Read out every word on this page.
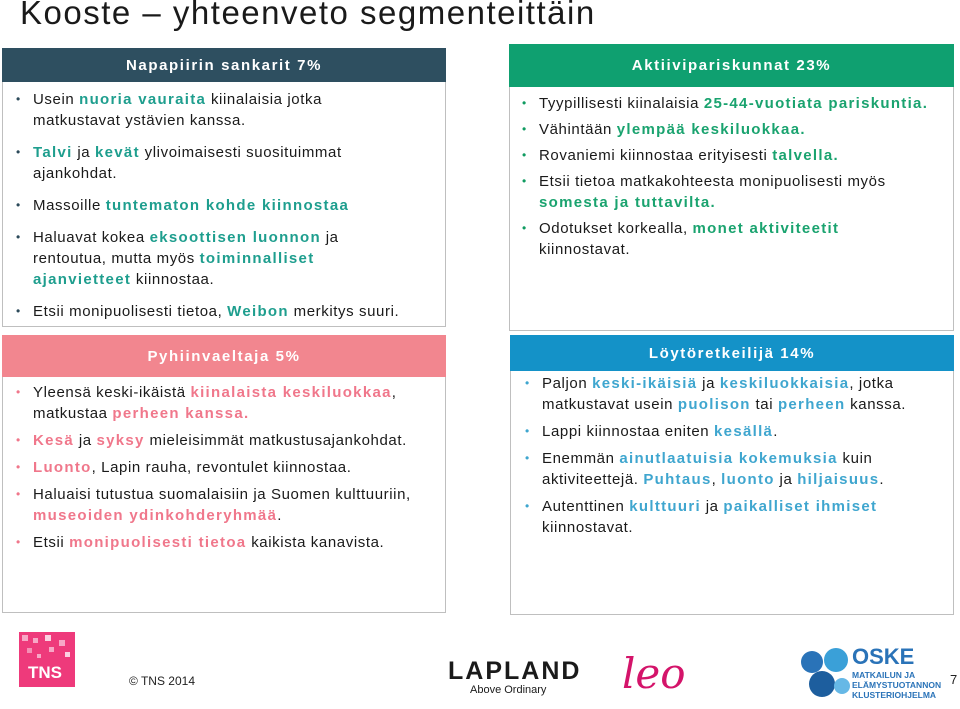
Kooste – yhteenveto segmenteittäin
Napapiirin sankarit 7%
• Usein nuoria vauraita kiinalaisia jotka matkustavat ystävien kanssa.
• Talvi ja kevät ylivoimaisesti suosituimmat ajankohdat.
• Massoille tuntematon kohde kiinnostaa
• Haluavat kokea eksoottisen luonnon ja rentoutua, mutta myös toiminnalliset ajanvietteet kiinnostaa.
• Etsii monipuolisesti tietoa, Weibon merkitys suuri.
Aktiivipariskunnat 23%
• Tyypillisesti kiinalaisia 25-44-vuotiata pariskuntia.
• Vähintään ylempää keskiluokkaa.
• Rovaniemi kiinnostaa erityisesti talvella.
• Etsii tietoa matkakohteesta monipuolisesti myös somesta ja tuttavilta.
• Odotukset korkealla, monet aktiviteetit kiinnostavat.
Pyhiinvaeltaja 5%
• Yleensä keski-ikäistä kiinalaista keskiluokkaa, matkustaa perheen kanssa.
• Kesä ja syksy mieleisimmät matkustusajankohdat.
• Luonto, Lapin rauha, revontulet kiinnostaa.
• Haluaisi tutustua suomalaisiin ja Suomen kulttuuriin, museoiden ydinkohderyhmää.
• Etsii monipuolisesti tietoa kaikista kanavista.
Löytöretkeilijä 14%
• Paljon keski-ikäisiä ja keskiluokkaisia, jotka matkustavat usein puolison tai perheen kanssa.
• Lappi kiinnostaa eniten kesällä.
• Enemmän ainutlaatuisia kokemuksia kuin aktiviteettejä. Puhtaus, luonto ja hiljaisuus.
• Autenttinen kulttuuri ja paikalliset ihmiset kiinnostavat.
TNS	© TNS 2014	LAPLAND
Above Ordinary	leo	OSKE
MATKAILUN JA
ELÄMYSTUOTANNON
KLUSTERIOHJELMA
7
